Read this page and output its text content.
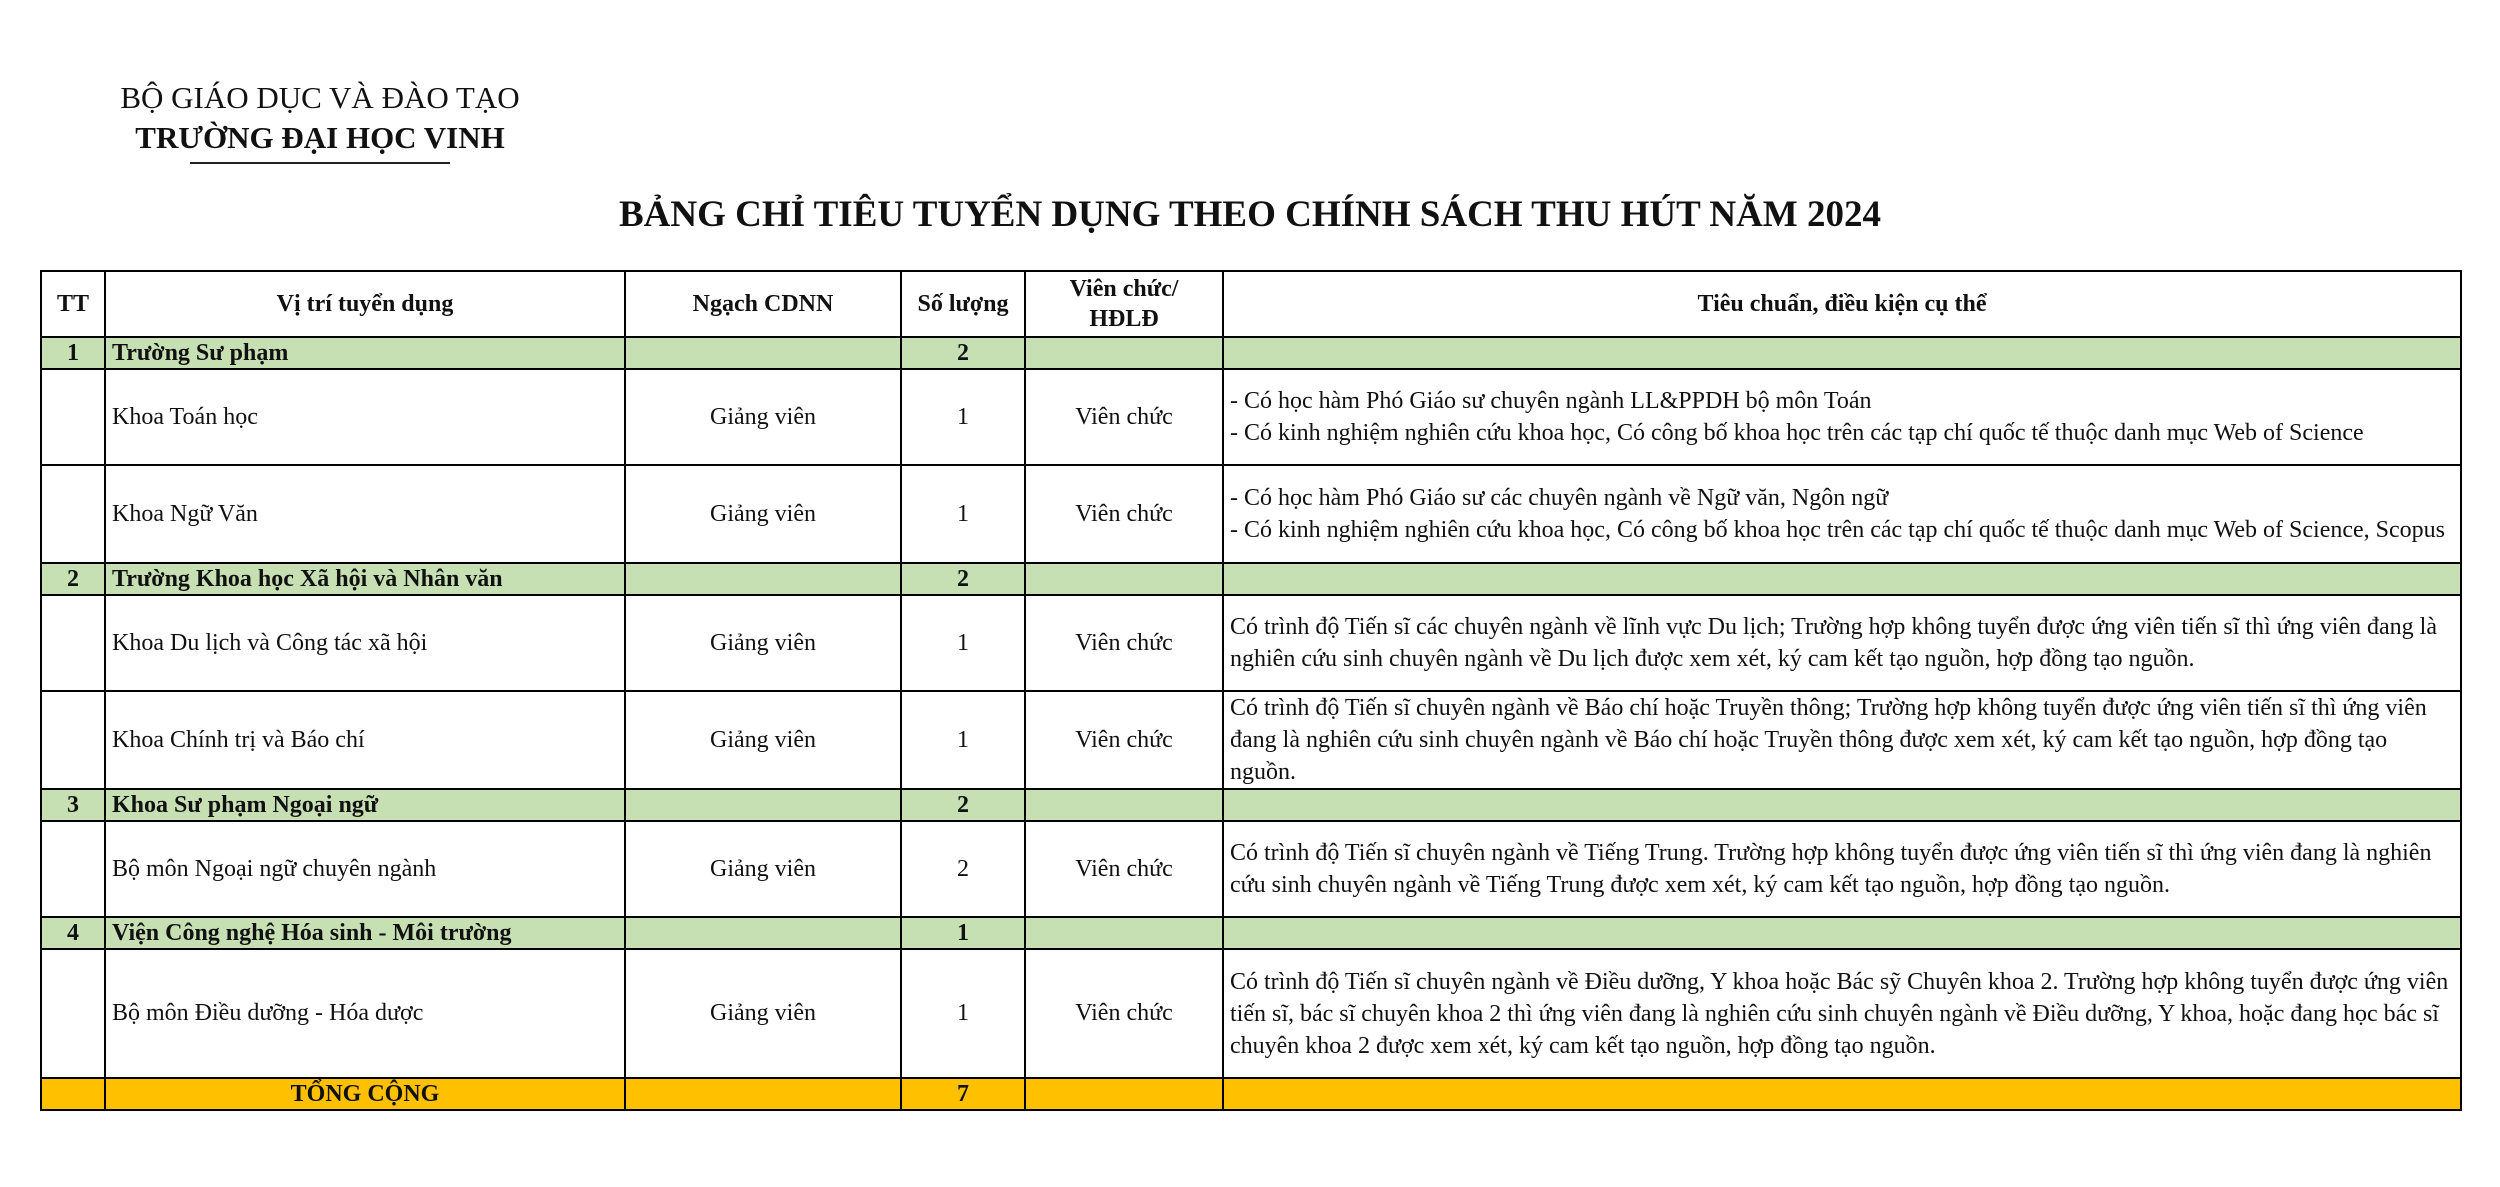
BỘ GIÁO DỤC VÀ ĐÀO TẠO
TRƯỜNG ĐẠI HỌC VINH
BẢNG CHỈ TIÊU TUYỂN DỤNG THEO CHÍNH SÁCH THU HÚT NĂM 2024
TT	Vị trí tuyển dụng	Ngạch CDNN	Số lượng	Viên chức/ HĐLĐ	Tiêu chuẩn, điều kiện cụ thể
1	Trường Sư phạm		2		
	Khoa Toán học	Giảng viên	1	Viên chức	- Có học hàm Phó Giáo sư chuyên ngành LL&PPDH bộ môn Toán
- Có kinh nghiệm nghiên cứu khoa học, Có công bố khoa học trên các tạp chí quốc tế thuộc danh mục Web of Science

	Khoa Ngữ Văn	Giảng viên	1	Viên chức	- Có học hàm Phó Giáo sư các chuyên ngành về Ngữ văn, Ngôn ngữ
- Có kinh nghiệm nghiên cứu khoa học, Có công bố khoa học trên các tạp chí quốc tế thuộc danh mục Web of Science, Scopus

2	Trường Khoa học Xã hội và Nhân văn		2		
	Khoa Du lịch và Công tác xã hội	Giảng viên	1	Viên chức	Có trình độ Tiến sĩ các chuyên ngành về lĩnh vực Du lịch; Trường hợp không tuyển được ứng viên tiến sĩ thì ứng viên đang là nghiên cứu sinh chuyên ngành về Du lịch được xem xét, ký cam kết tạo nguồn, hợp đồng tạo nguồn.

	Khoa Chính trị và Báo chí	Giảng viên	1	Viên chức	Có trình độ Tiến sĩ chuyên ngành về Báo chí hoặc Truyền thông; Trường hợp không tuyển được ứng viên tiến sĩ thì ứng viên đang là nghiên cứu sinh chuyên ngành về Báo chí hoặc Truyền thông được xem xét, ký cam kết tạo nguồn, hợp đồng tạo nguồn.

3	Khoa Sư phạm Ngoại ngữ		2		
	Bộ môn Ngoại ngữ chuyên ngành	Giảng viên	2	Viên chức	Có trình độ Tiến sĩ chuyên ngành về Tiếng Trung. Trường hợp không tuyển được ứng viên tiến sĩ thì ứng viên đang là nghiên cứu sinh chuyên ngành về Tiếng Trung được xem xét, ký cam kết tạo nguồn, hợp đồng tạo nguồn.

4	Viện Công nghệ Hóa sinh - Môi trường		1		
	Bộ môn Điều dưỡng - Hóa dược	Giảng viên	1	Viên chức	Có trình độ Tiến sĩ chuyên ngành về Điều dưỡng, Y khoa hoặc Bác sỹ Chuyên khoa 2. Trường hợp không tuyển được ứng viên tiến sĩ, bác sĩ chuyên khoa 2 thì ứng viên đang là nghiên cứu sinh chuyên ngành về Điều dưỡng, Y khoa, hoặc đang học bác sĩ chuyên khoa 2 được xem xét, ký cam kết tạo nguồn, hợp đồng tạo nguồn.

	TỔNG CỘNG		7		
